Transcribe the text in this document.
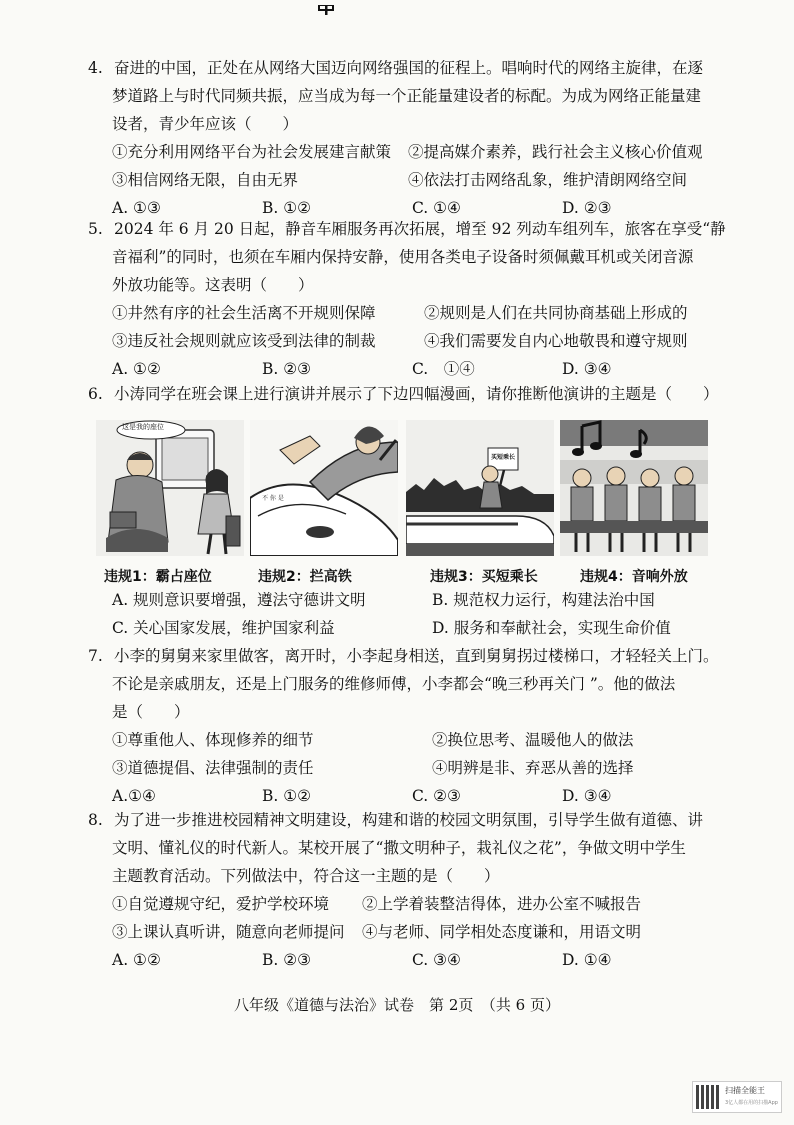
4. 奋进的中国，正处在从网络大国迈向网络强国的征程上。唱响时代的网络主旋律，在逐
梦道路上与时代同频共振，应当成为每一个正能量建设者的标配。为成为网络正能量建
设者，青少年应该（　　）
①充分利用网络平台为社会发展建言献策	②提高媒介素养，践行社会主义核心价值观
③相信网络无限，自由无界	④依法打击网络乱象，维护清朗网络空间
A. ①③	B. ①②	C. ①④	D. ②③
5. 2024 年 6 月 20 日起，静音车厢服务再次拓展，增至 92 列动车组列车，旅客在享受“静
音福利”的同时，也须在车厢内保持安静，使用各类电子设备时须佩戴耳机或关闭音源
外放功能等。这表明（　　）
①井然有序的社会生活离不开规则保障	②规则是人们在共同协商基础上形成的
③违反社会规则就应该受到法律的制裁	④我们需要发自内心地敬畏和遵守规则
A. ①②	B. ②③	C.　①④	D. ③④
6. 小涛同学在班会课上进行演讲并展示了下边四幅漫画，请你推断他演讲的主题是（　　）
这是我的座位
不 你 是
买短乘长
违规1：霸占座位	违规2：拦高铁	违规3：买短乘长	违规4：音响外放
A. 规则意识要增强，遵法守德讲文明	B. 规范权力运行，构建法治中国
C. 关心国家发展，维护国家利益	D. 服务和奉献社会，实现生命价值
7. 小李的舅舅来家里做客，离开时，小李起身相送，直到舅舅拐过楼梯口，才轻轻关上门。
不论是亲戚朋友，还是上门服务的维修师傅，小李都会“晚三秒再关门 ”。他的做法
是（　　）
①尊重他人、体现修养的细节	②换位思考、温暖他人的做法
③道德提倡、法律强制的责任	④明辨是非、弃恶从善的选择
A.①④	B. ①②	C. ②③	D. ③④
8. 为了进一步推进校园精神文明建设，构建和谐的校园文明氛围，引导学生做有道德、讲
文明、懂礼仪的时代新人。某校开展了“撒文明种子，栽礼仪之花”，争做文明中学生
主题教育活动。下列做法中，符合这一主题的是（　　）
①自觉遵规守纪，爱护学校环境	②上学着装整洁得体，进办公室不喊报告
③上课认真听讲，随意向老师提问	④与老师、同学相处态度谦和，用语文明
A. ①②	B. ②③	C. ③④	D. ①④
八年级《道德与法治》试卷　第 2页　（共 6 页）
扫描全能王
3亿人都在用的扫描App
